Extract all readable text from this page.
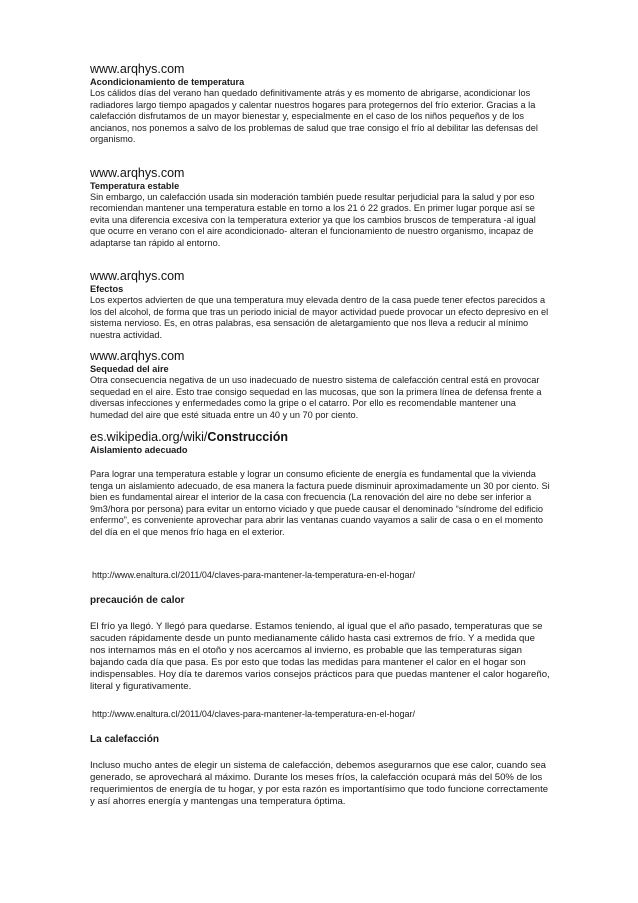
www.arqhys.com

Acondicionamiento de temperatura

Los cálidos días del verano han quedado definitivamente atrás y es momento de abrigarse, acondicionar los radiadores largo tiempo apagados y calentar nuestros hogares para protegernos del frío exterior. Gracias a la calefacción disfrutamos de un mayor bienestar y, especialmente en el caso de los niños pequeños y de los ancianos, nos ponemos a salvo de los problemas de salud que trae consigo el frío al debilitar las defensas del organismo.

www.arqhys.com

Temperatura estable

Sin embargo, un calefacción usada sin moderación también puede resultar perjudicial para la salud y por eso recomiendan mantener una temperatura estable en torno a los 21 ó 22 grados. En primer lugar porque así se evita una diferencia excesiva con la temperatura exterior ya que los cambios bruscos de temperatura -al igual que ocurre en verano con el aire acondicionado- alteran el funcionamiento de nuestro organismo, incapaz de adaptarse tan rápido al entorno.

www.arqhys.com

Efectos

Los expertos advierten de que una temperatura muy elevada dentro de la casa puede tener efectos parecidos a los del alcohol, de forma que tras un periodo inicial de mayor actividad puede provocar un efecto depresivo en el sistema nervioso. Es, en otras palabras, esa sensación de aletargamiento que nos lleva a reducir al mínimo nuestra actividad.

www.arqhys.com

Sequedad del aire

Otra consecuencia negativa de un uso inadecuado de nuestro sistema de calefacción central está en provocar sequedad en el aire. Esto trae consigo sequedad en las mucosas, que son la primera línea de defensa frente a diversas infecciones y enfermedades como la gripe o el catarro. Por ello es recomendable mantener una humedad del aire que esté situada entre un 40 y un 70 por ciento.

es.wikipedia.org/wiki/Construcción

Aislamiento adecuado

Para lograr una temperatura estable y lograr un consumo eficiente de energía es fundamental que la vivienda tenga un aislamiento adecuado, de esa manera la factura puede disminuir aproximadamente un 30 por ciento. Si bien es fundamental airear el interior de la casa con frecuencia (La renovación del aire no debe ser inferior a 9m3/hora por persona) para evitar un entorno viciado y que puede causar el denominado “síndrome del edificio enfermo”, es conveniente aprovechar para abrir las ventanas cuando vayamos a salir de casa o en el momento del día en el que menos frío haga en el exterior.

http://www.enaltura.cl/2011/04/claves-para-mantener-la-temperatura-en-el-hogar/

precaución de calor

El frío ya llegó. Y llegó para quedarse. Estamos teniendo, al igual que el año pasado, temperaturas que se sacuden rápidamente desde un punto medianamente cálido hasta casi extremos de frío. Y a medida que nos internamos más en el otoño y nos acercamos al invierno, es probable que las temperaturas sigan bajando cada día que pasa. Es por esto que todas las medidas para mantener el calor en el hogar son indispensables. Hoy día te daremos varios consejos prácticos para que puedas mantener el calor hogareño, literal y figurativamente.

http://www.enaltura.cl/2011/04/claves-para-mantener-la-temperatura-en-el-hogar/

La calefacción

Incluso mucho antes de elegir un sistema de calefacción, debemos asegurarnos que ese calor, cuando sea generado, se aprovechará al máximo. Durante los meses fríos, la calefacción ocupará más del 50% de los requerimientos de energía de tu hogar, y por esta razón es importantísimo que todo funcione correctamente y así ahorres energía y mantengas una temperatura óptima.
